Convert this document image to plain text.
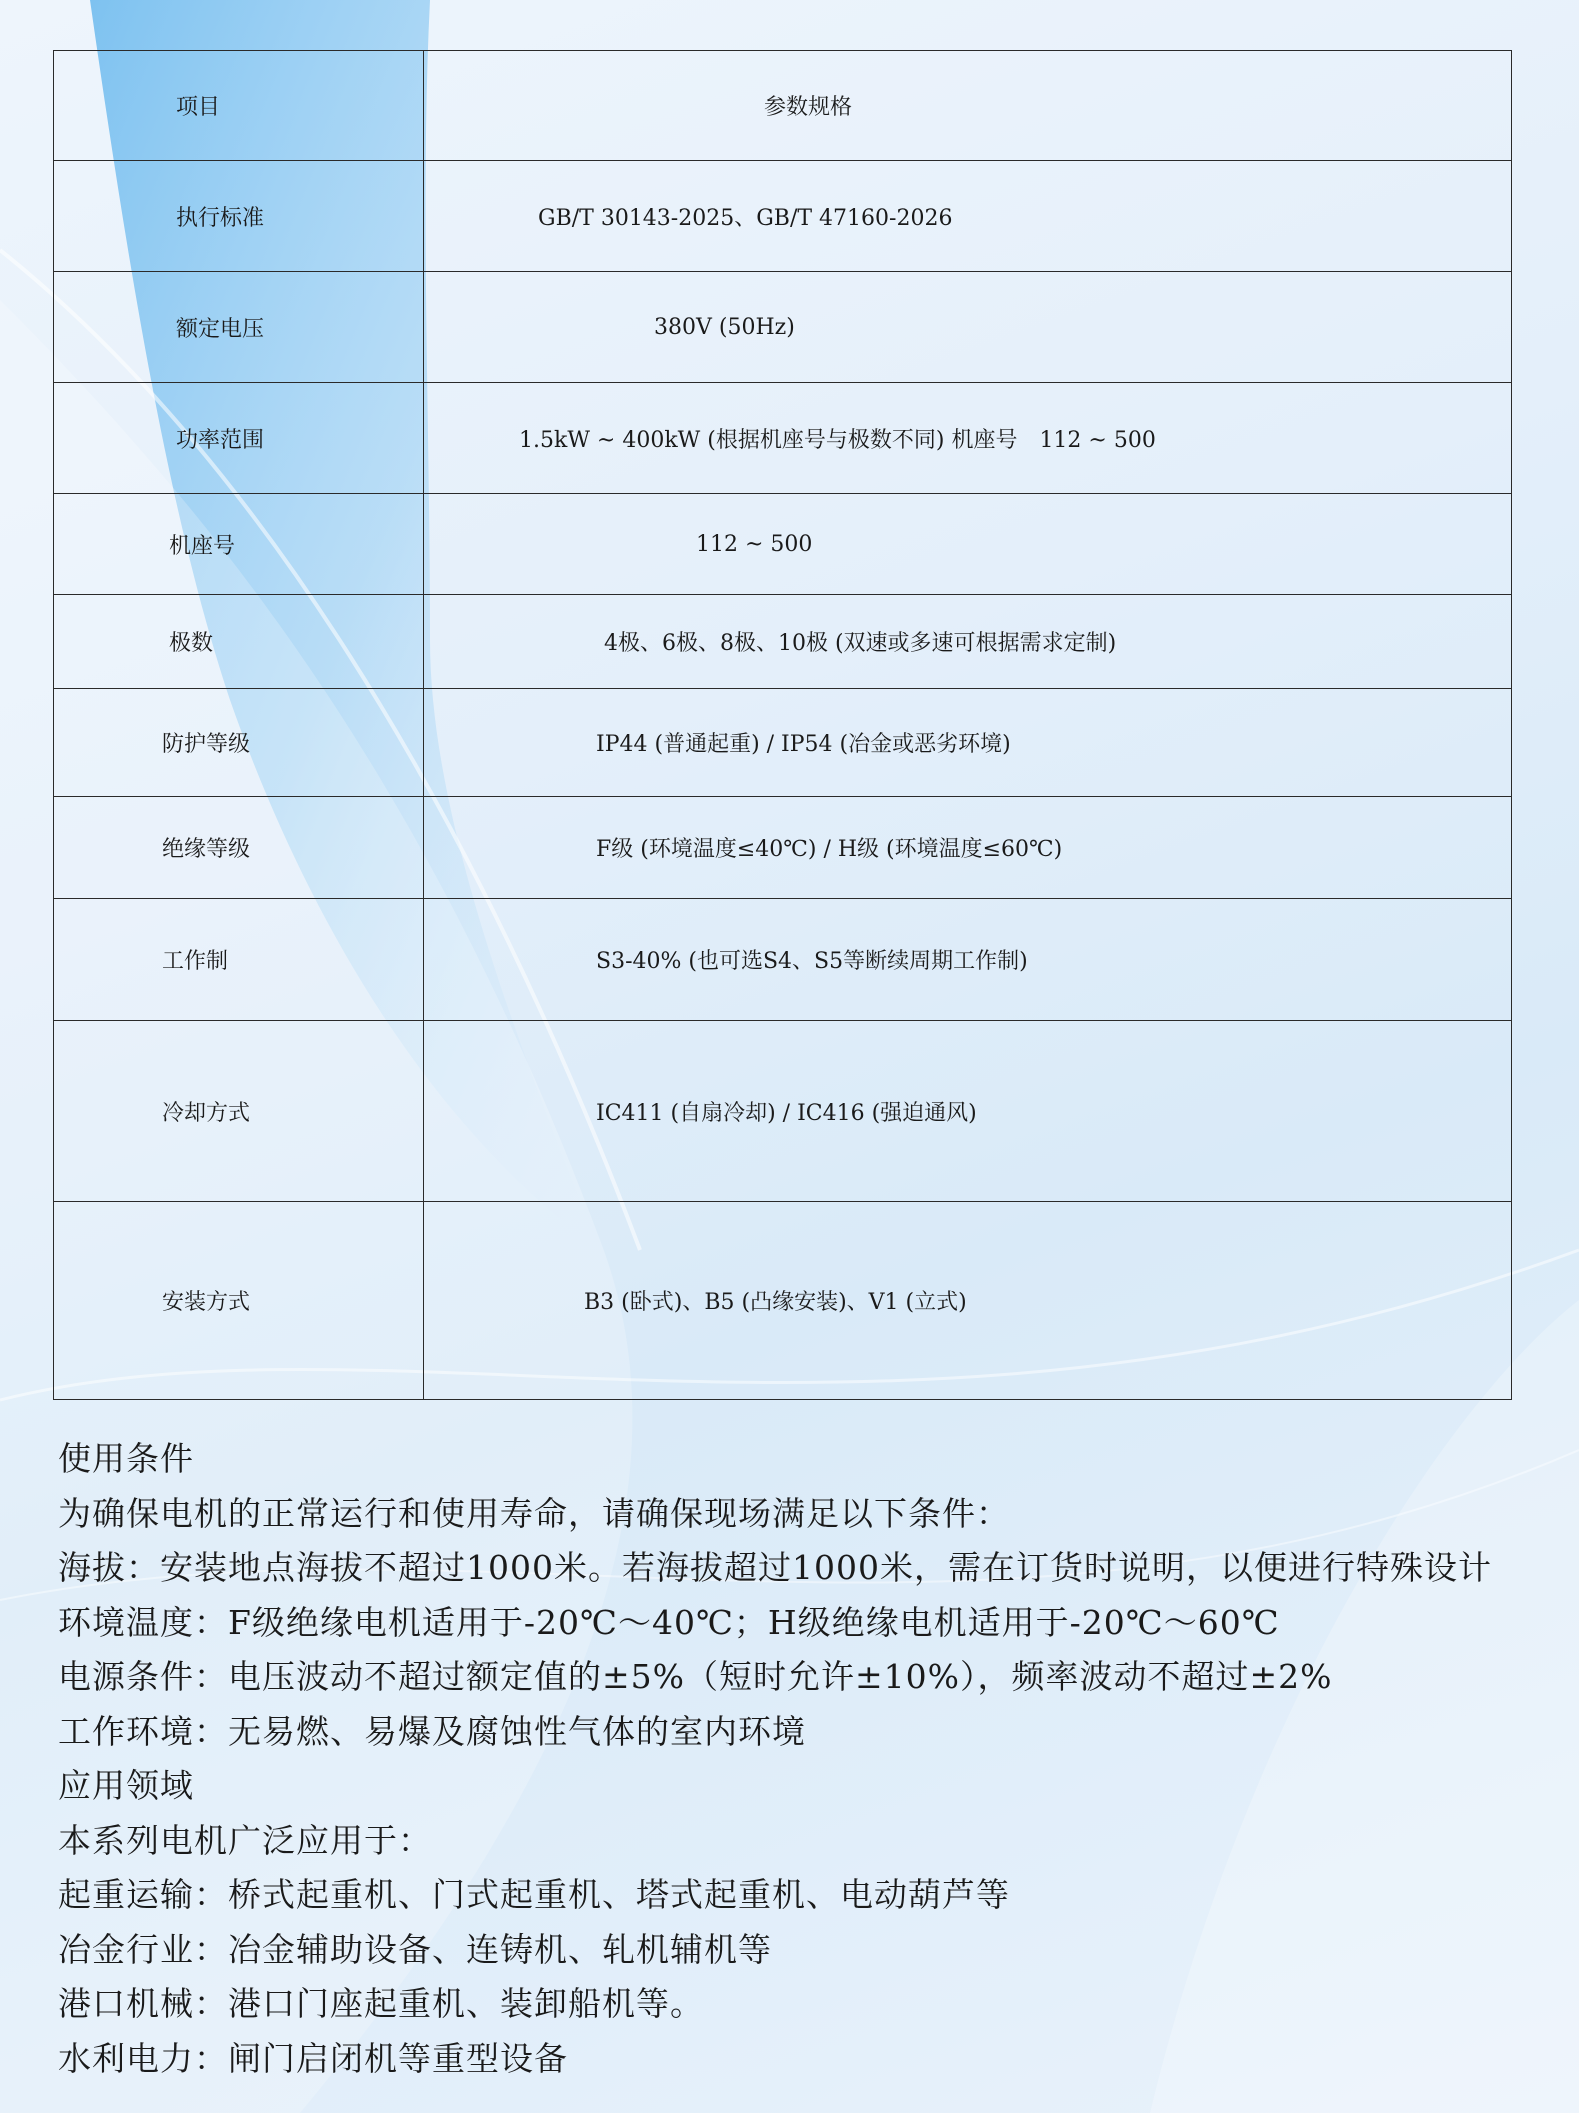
项目	参数规格
执行标准	GB/T 30143-2025、GB/T 47160-2026
额定电压	380V (50Hz)
功率范围	1.5kW ~ 400kW (根据机座号与极数不同) 机座号　112 ~ 500
机座号	112 ~ 500
极数	4极、6极、8极、10极 (双速或多速可根据需求定制)
防护等级	IP44 (普通起重) / IP54 (冶金或恶劣环境)
绝缘等级	F级 (环境温度≤40℃) / H级 (环境温度≤60℃)
工作制	S3-40% (也可选S4、S5等断续周期工作制)
冷却方式	IC411 (自扇冷却) / IC416 (强迫通风)
安装方式	B3 (卧式)、B5 (凸缘安装)、V1 (立式)
使用条件
为确保电机的正常运行和使用寿命，请确保现场满足以下条件：
海拔：安装地点海拔不超过1000米。若海拔超过1000米，需在订货时说明，以便进行特殊设计
环境温度：F级绝缘电机适用于-20℃～40℃；H级绝缘电机适用于-20℃～60℃
电源条件：电压波动不超过额定值的±5%（短时允许±10%），频率波动不超过±2%
工作环境：无易燃、易爆及腐蚀性气体的室内环境
应用领域
本系列电机广泛应用于：
起重运输：桥式起重机、门式起重机、塔式起重机、电动葫芦等
冶金行业：冶金辅助设备、连铸机、轧机辅机等
港口机械：港口门座起重机、装卸船机等。
水利电力：闸门启闭机等重型设备
